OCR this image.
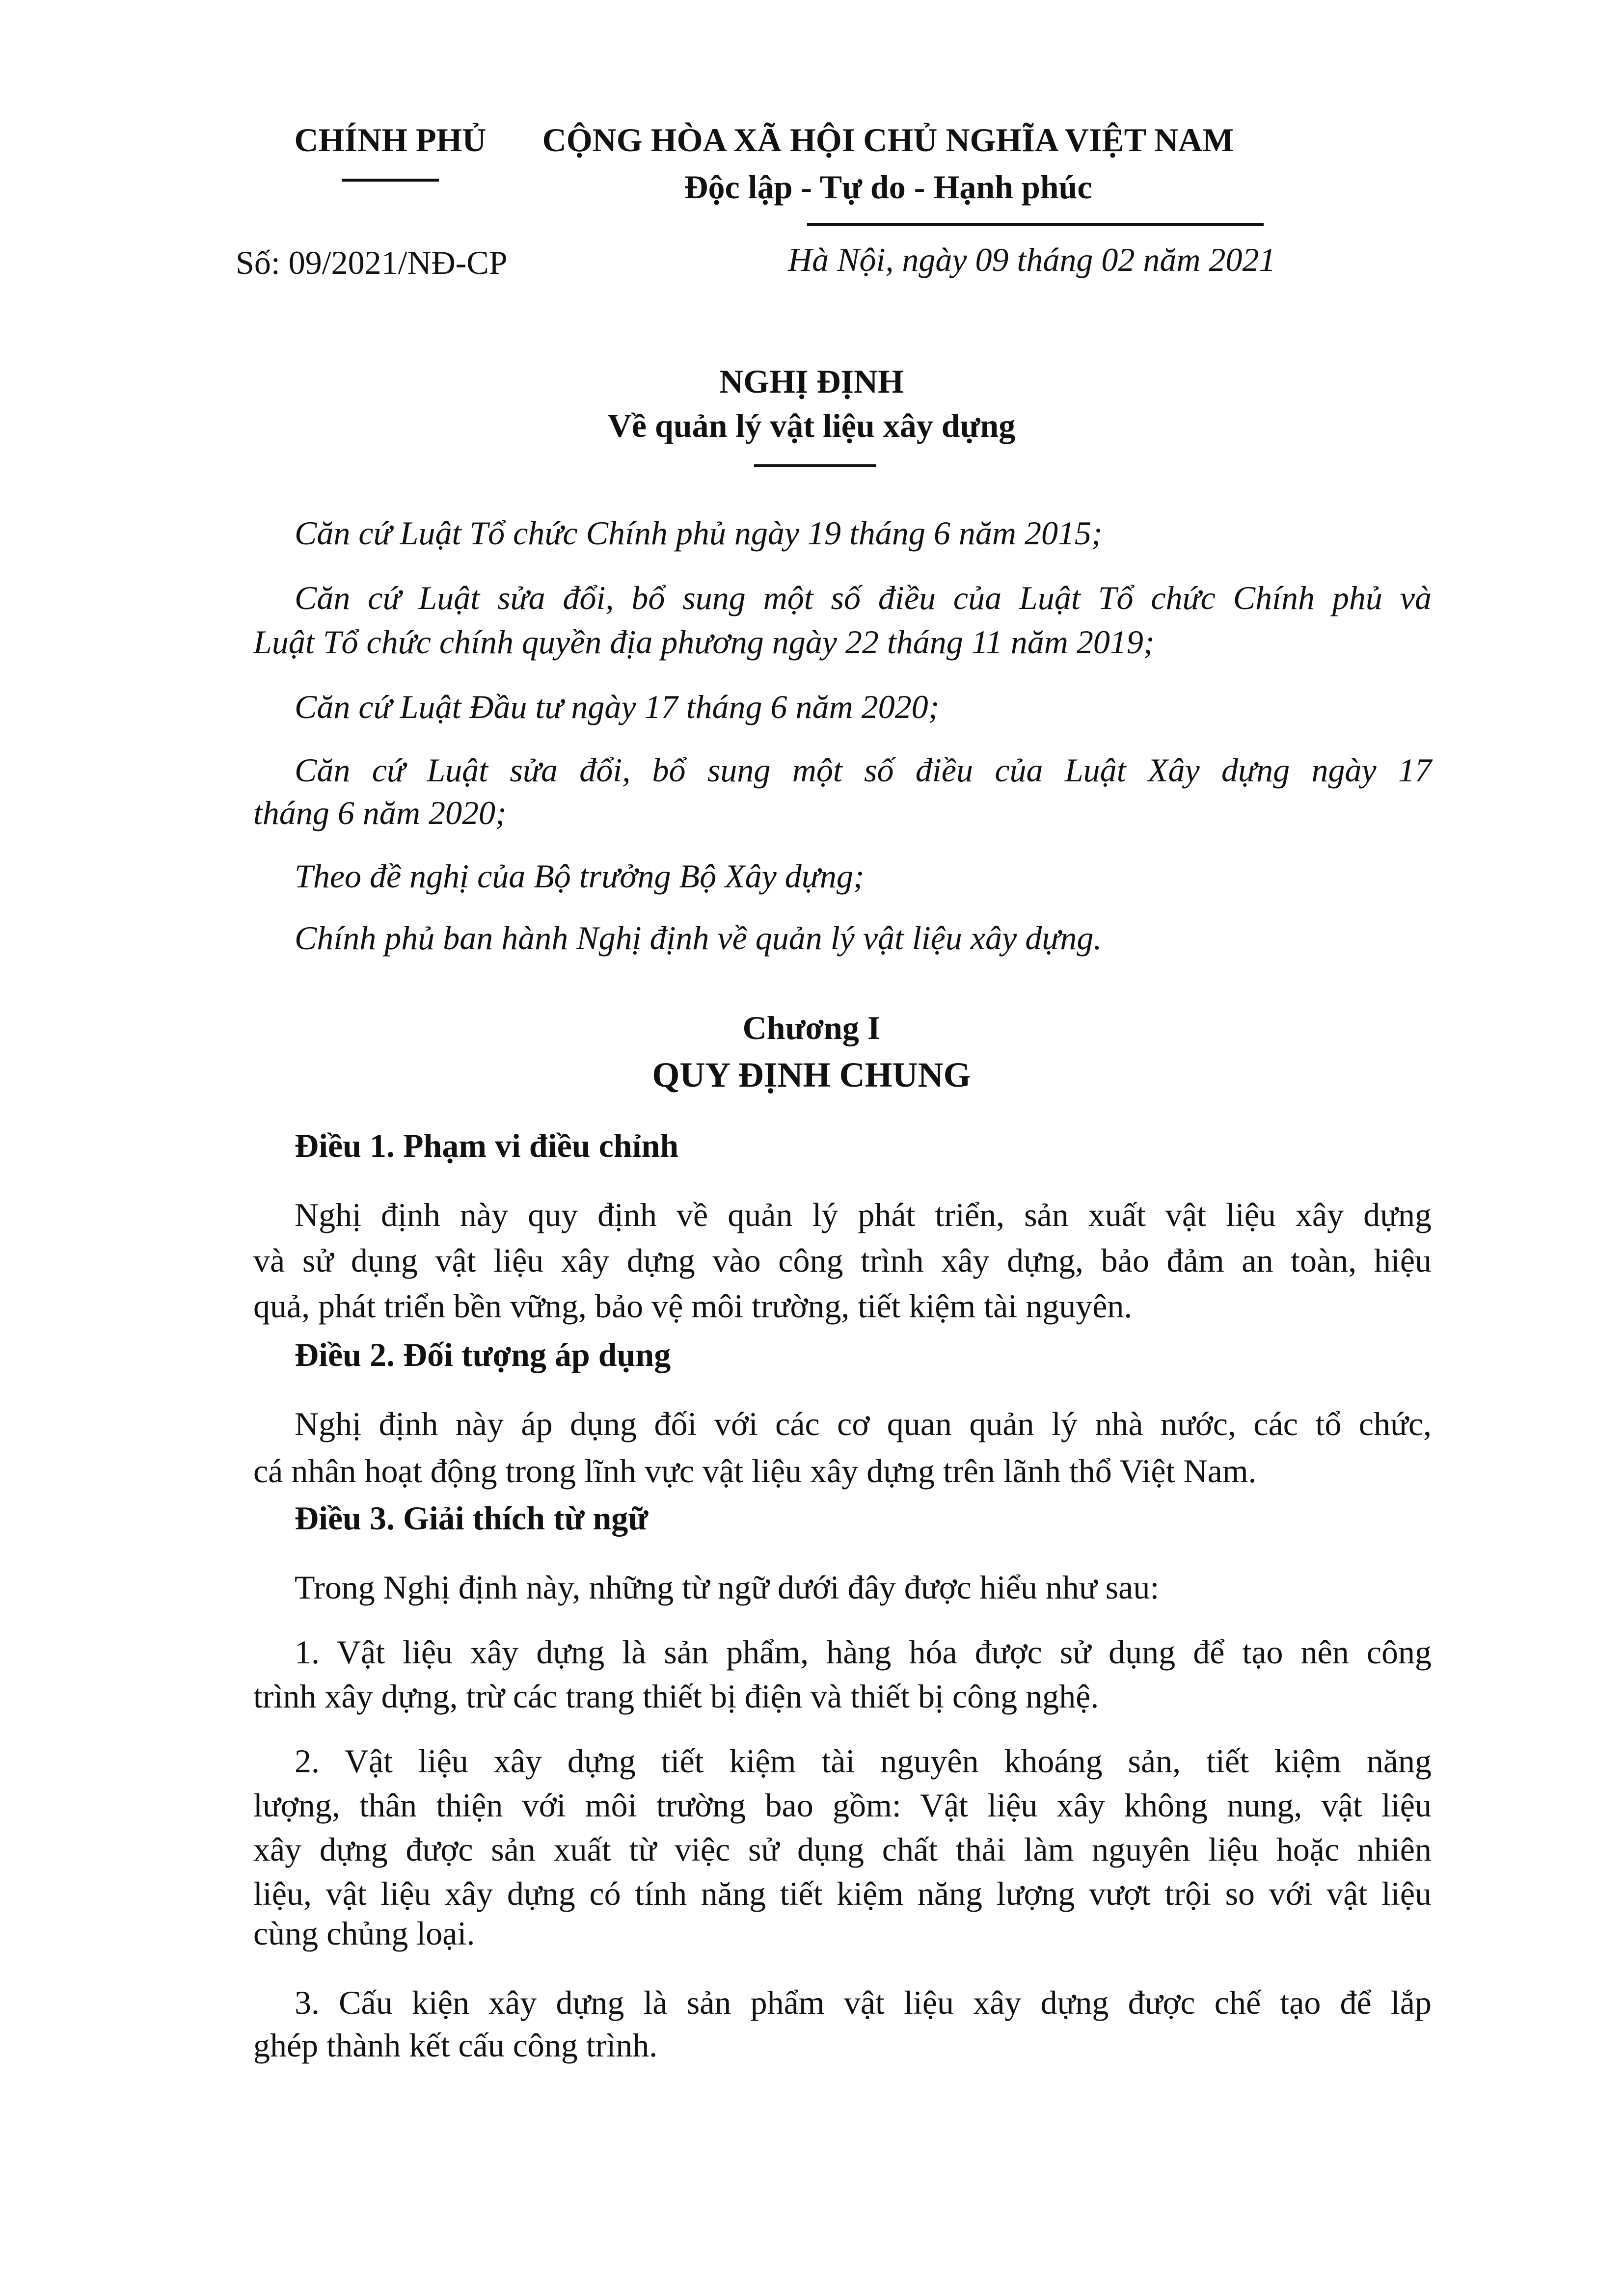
CHÍNH PHỦ	CỘNG HÒA XÃ HỘI CHỦ NGHĨA VIỆT NAM
Độc lập - Tự do - Hạnh phúc
Số: 09/2021/NĐ-CP	Hà Nội, ngày 09 tháng 02 năm 2021
NGHỊ ĐỊNH
Về quản lý vật liệu xây dựng
Căn cứ Luật Tổ chức Chính phủ ngày 19 tháng 6 năm 2015;
Căn cứ Luật sửa đổi, bổ sung một số điều của Luật Tổ chức Chính phủ và
Luật Tổ chức chính quyền địa phương ngày 22 tháng 11 năm 2019;
Căn cứ Luật Đầu tư ngày 17 tháng 6 năm 2020;
Căn cứ Luật sửa đổi, bổ sung một số điều của Luật Xây dựng ngày 17
tháng 6 năm 2020;
Theo đề nghị của Bộ trưởng Bộ Xây dựng;
Chính phủ ban hành Nghị định về quản lý vật liệu xây dựng.
Chương I
QUY ĐỊNH CHUNG
Điều 1. Phạm vi điều chỉnh
Nghị định này quy định về quản lý phát triển, sản xuất vật liệu xây dựng
và sử dụng vật liệu xây dựng vào công trình xây dựng, bảo đảm an toàn, hiệu
quả, phát triển bền vững, bảo vệ môi trường, tiết kiệm tài nguyên.
Điều 2. Đối tượng áp dụng
Nghị định này áp dụng đối với các cơ quan quản lý nhà nước, các tổ chức,
cá nhân hoạt động trong lĩnh vực vật liệu xây dựng trên lãnh thổ Việt Nam.
Điều 3. Giải thích từ ngữ
Trong Nghị định này, những từ ngữ dưới đây được hiểu như sau:
1. Vật liệu xây dựng là sản phẩm, hàng hóa được sử dụng để tạo nên công
trình xây dựng, trừ các trang thiết bị điện và thiết bị công nghệ.
2. Vật liệu xây dựng tiết kiệm tài nguyên khoáng sản, tiết kiệm năng
lượng, thân thiện với môi trường bao gồm: Vật liệu xây không nung, vật liệu
xây dựng được sản xuất từ việc sử dụng chất thải làm nguyên liệu hoặc nhiên
liệu, vật liệu xây dựng có tính năng tiết kiệm năng lượng vượt trội so với vật liệu
cùng chủng loại.
3. Cấu kiện xây dựng là sản phẩm vật liệu xây dựng được chế tạo để lắp
ghép thành kết cấu công trình.
